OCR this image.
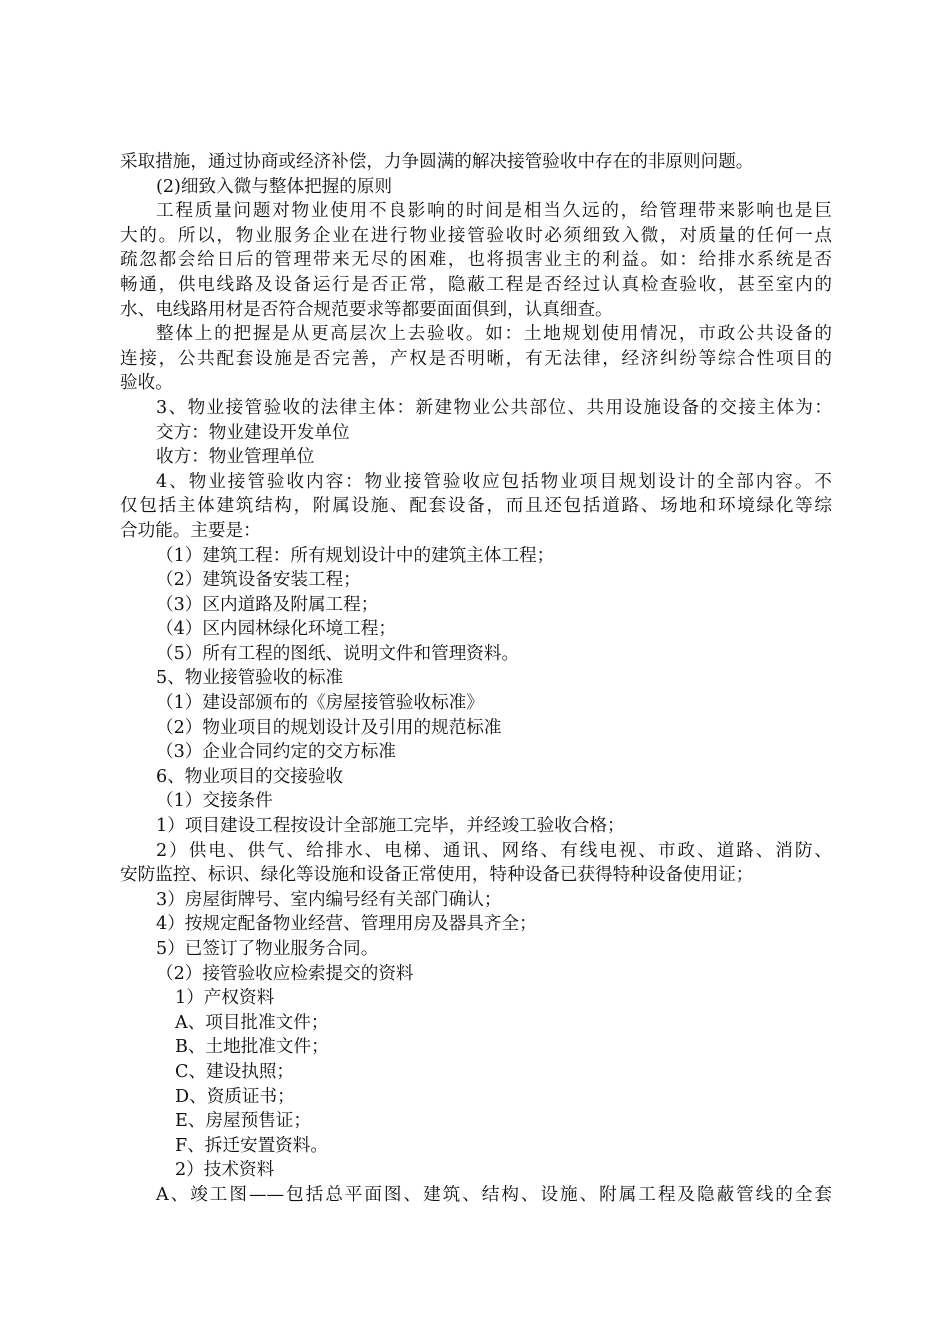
采取措施，通过协商或经济补偿，力争圆满的解决接管验收中存在的非原则问题。
(2)细致入微与整体把握的原则
工程质量问题对物业使用不良影响的时间是相当久远的，给管理带来影响也是巨
大的。所以，物业服务企业在进行物业接管验收时必须细致入微，对质量的任何一点
疏忽都会给日后的管理带来无尽的困难，也将损害业主的利益。如：给排水系统是否
畅通，供电线路及设备运行是否正常，隐蔽工程是否经过认真检查验收，甚至室内的
水、电线路用材是否符合规范要求等都要面面俱到，认真细查。
整体上的把握是从更高层次上去验收。如：土地规划使用情况，市政公共设备的
连接，公共配套设施是否完善，产权是否明晰，有无法律，经济纠纷等综合性项目的
验收。
3、物业接管验收的法律主体：新建物业公共部位、共用设施设备的交接主体为：
交方：物业建设开发单位
收方：物业管理单位
4、物业接管验收内容：物业接管验收应包括物业项目规划设计的全部内容。不
仅包括主体建筑结构，附属设施、配套设备，而且还包括道路、场地和环境绿化等综
合功能。主要是：
（1）建筑工程：所有规划设计中的建筑主体工程；
（2）建筑设备安装工程；
（3）区内道路及附属工程；
（4）区内园林绿化环境工程；
（5）所有工程的图纸、说明文件和管理资料。
5、物业接管验收的标准
（1）建设部颁布的《房屋接管验收标准》
（2）物业项目的规划设计及引用的规范标准
（3）企业合同约定的交方标准
6、物业项目的交接验收
（1）交接条件
1）项目建设工程按设计全部施工完毕，并经竣工验收合格；
2）供电、供气、给排水、电梯、通讯、网络、有线电视、市政、道路、消防、
安防监控、标识、绿化等设施和设备正常使用，特种设备已获得特种设备使用证；
3）房屋街牌号、室内编号经有关部门确认；
4）按规定配备物业经营、管理用房及器具齐全；
5）已签订了物业服务合同。
（2）接管验收应检索提交的资料
1）产权资料
A、项目批准文件；
B、土地批准文件；
C、建设执照；
D、资质证书；
E、房屋预售证；
F、拆迁安置资料。
2）技术资料
A、竣工图——包括总平面图、建筑、结构、设施、附属工程及隐蔽管线的全套
